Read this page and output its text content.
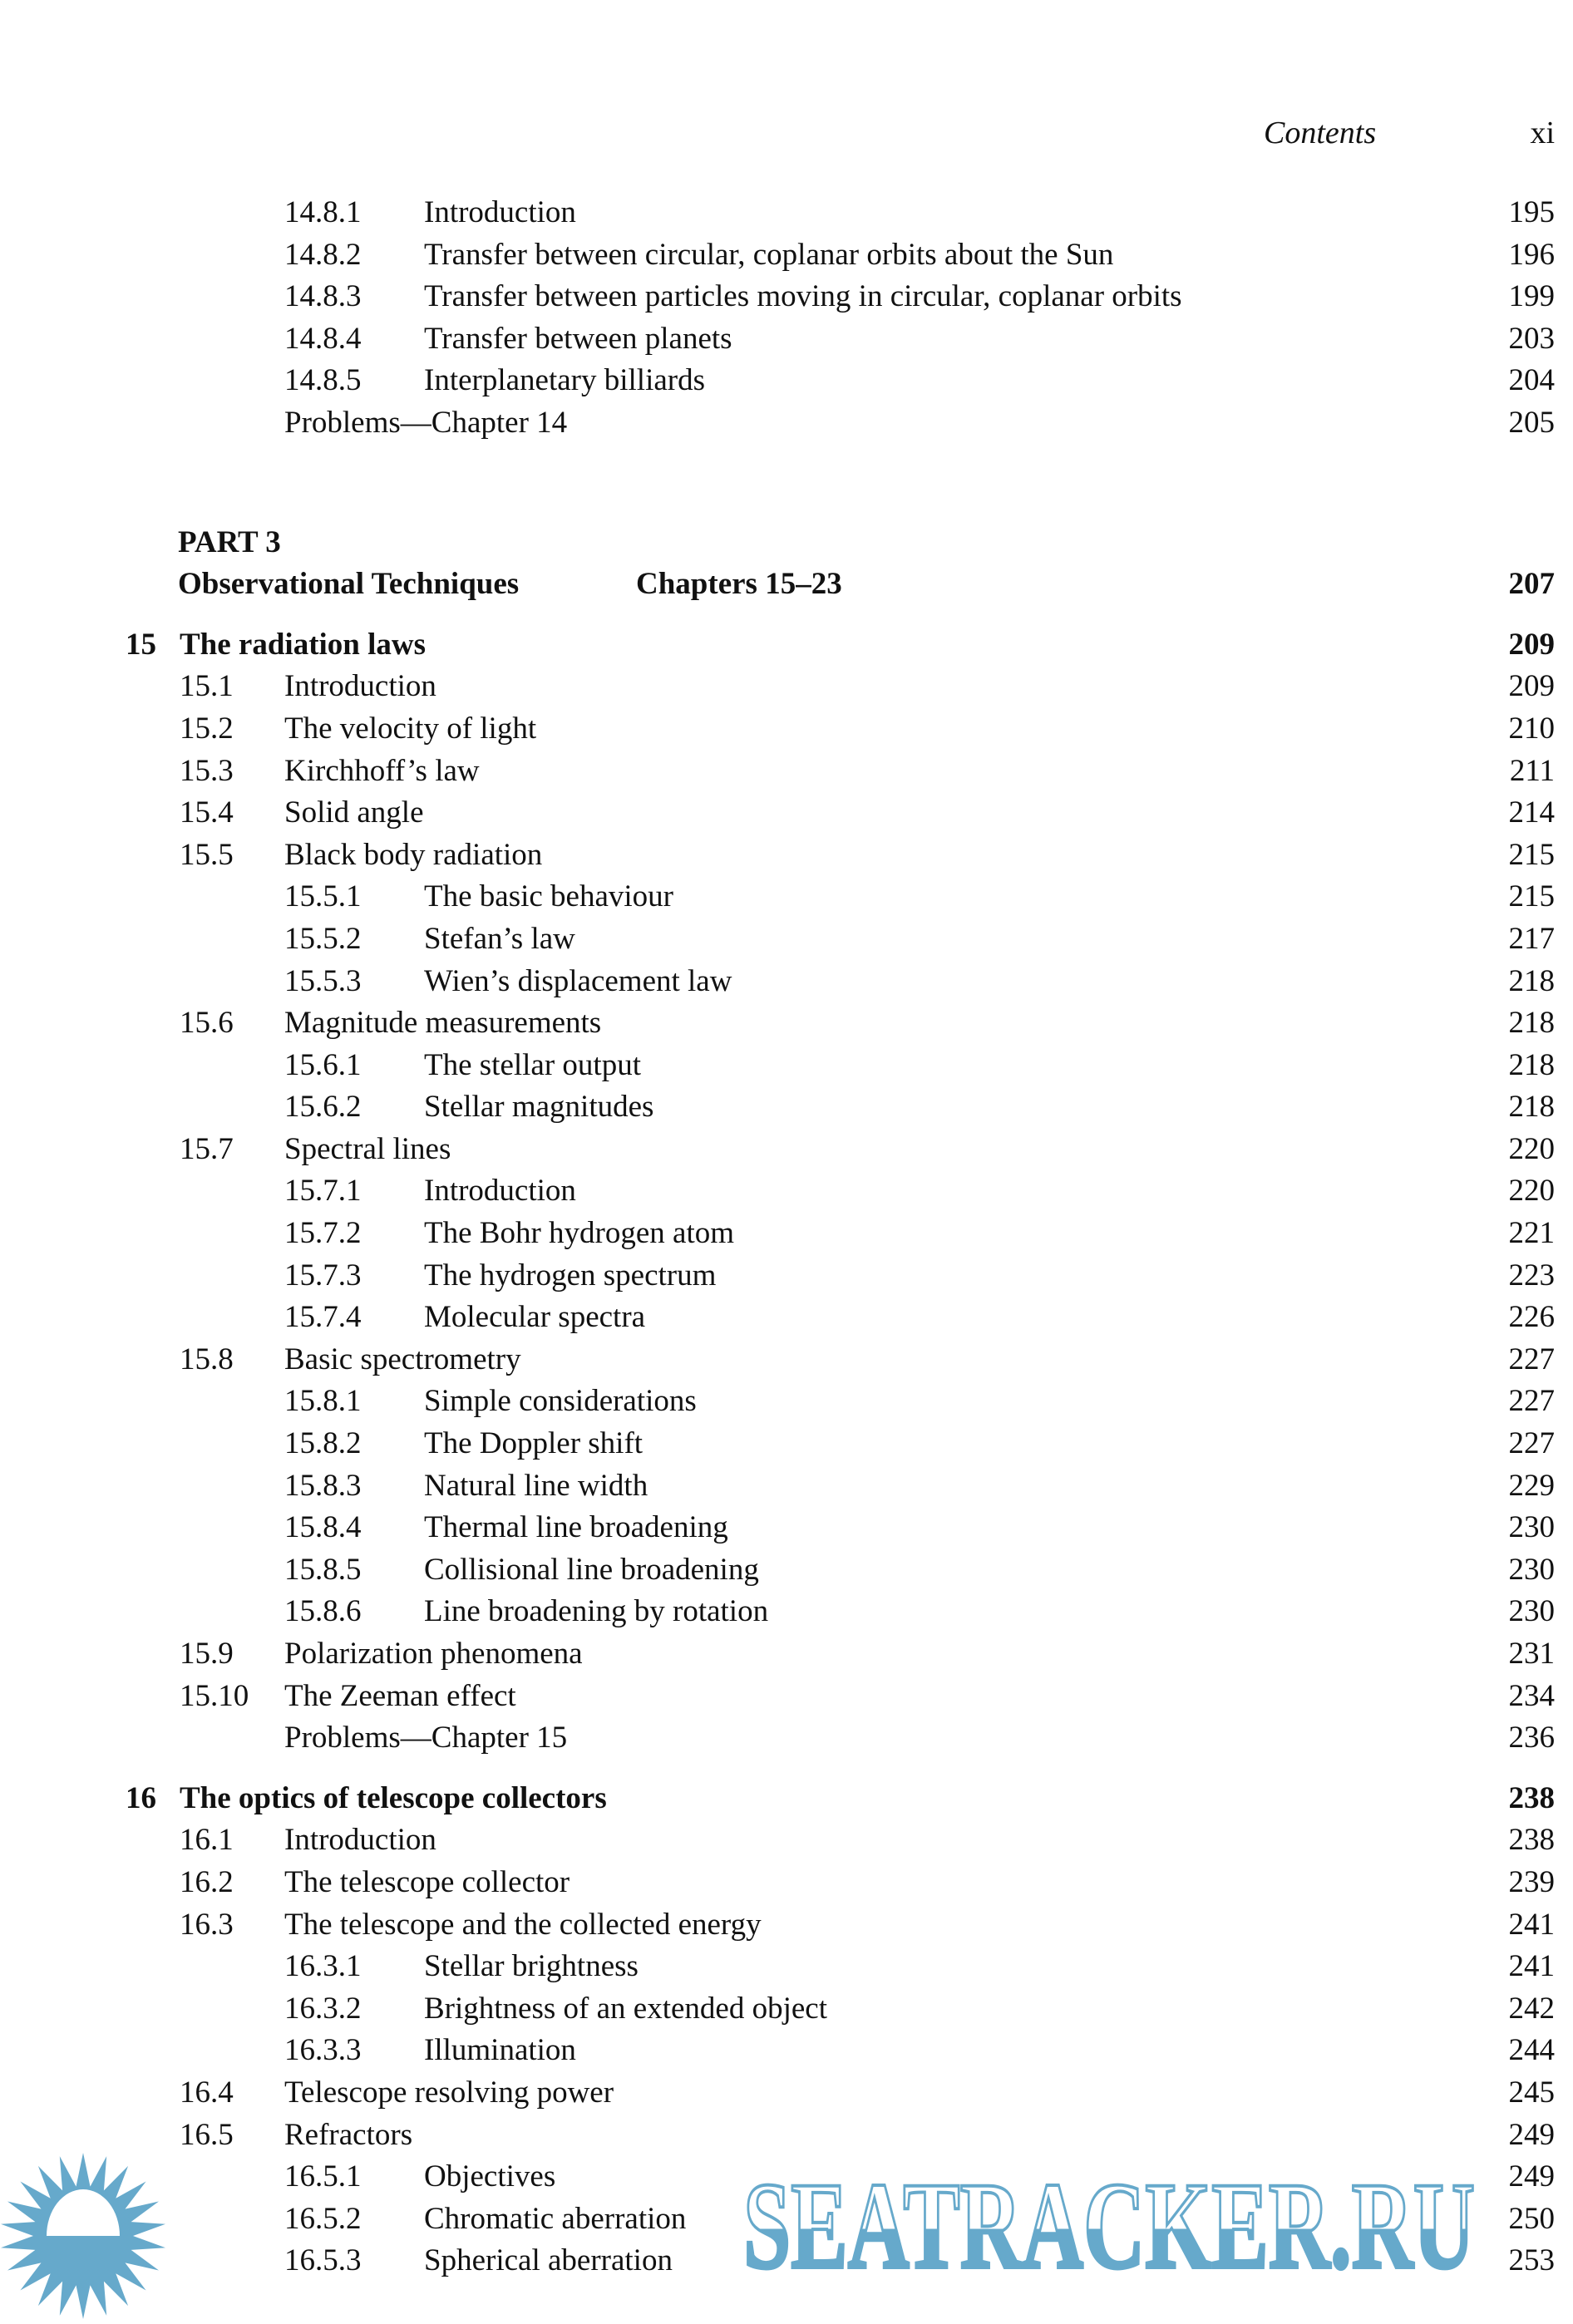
Contents	xi
14.8.1 Introduction	195
14.8.2 Transfer between circular, coplanar orbits about the Sun	196
14.8.3 Transfer between particles moving in circular, coplanar orbits	199
14.8.4 Transfer between planets	203
14.8.5 Interplanetary billiards	204
Problems—Chapter 14	205
PART 3
Observational Techniques	Chapters 15–23	207
15 The radiation laws	209
15.1 Introduction	209
15.2 The velocity of light	210
15.3 Kirchhoff’s law	211
15.4 Solid angle	214
15.5 Black body radiation	215
15.5.1 The basic behaviour	215
15.5.2 Stefan’s law	217
15.5.3 Wien’s displacement law	218
15.6 Magnitude measurements	218
15.6.1 The stellar output	218
15.6.2 Stellar magnitudes	218
15.7 Spectral lines	220
15.7.1 Introduction	220
15.7.2 The Bohr hydrogen atom	221
15.7.3 The hydrogen spectrum	223
15.7.4 Molecular spectra	226
15.8 Basic spectrometry	227
15.8.1 Simple considerations	227
15.8.2 The Doppler shift	227
15.8.3 Natural line width	229
15.8.4 Thermal line broadening	230
15.8.5 Collisional line broadening	230
15.8.6 Line broadening by rotation	230
15.9 Polarization phenomena	231
15.10 The Zeeman effect	234
Problems—Chapter 15	236
16 The optics of telescope collectors	238
16.1 Introduction	238
16.2 The telescope collector	239
16.3 The telescope and the collected energy	241
16.3.1 Stellar brightness	241
16.3.2 Brightness of an extended object	242
16.3.3 Illumination	244
16.4 Telescope resolving power	245
16.5 Refractors	249
16.5.1 Objectives	249
16.5.2 Chromatic aberration	250
16.5.3 Spherical aberration	253
SEATRACKER.RU
